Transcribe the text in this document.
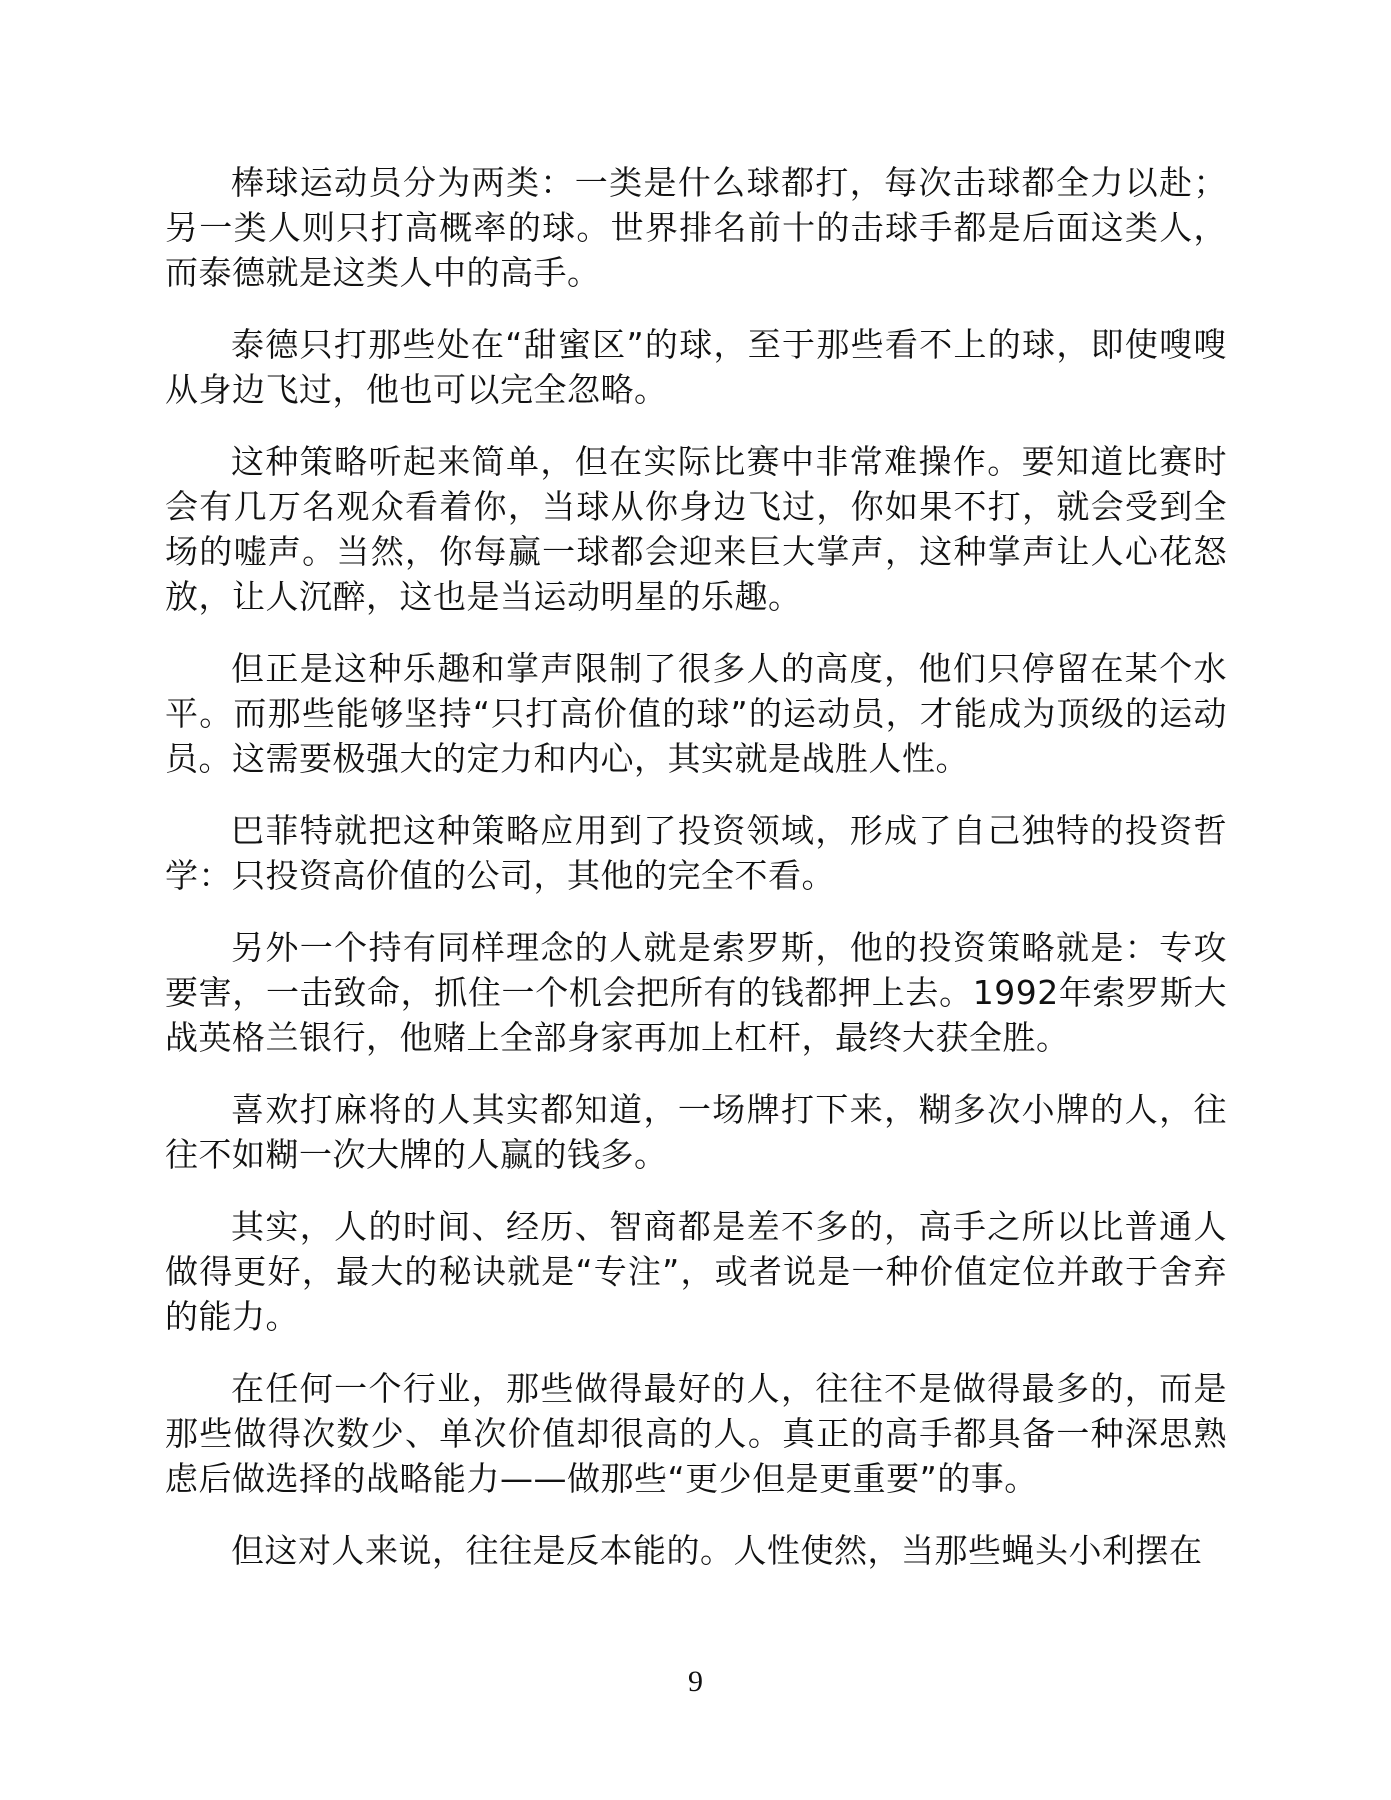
棒球运动员分为两类：一类是什么球都打，每次击球都全力以赴；另一类人则只打高概率的球。世界排名前十的击球手都是后面这类人，而泰德就是这类人中的高手。

泰德只打那些处在“甜蜜区”的球，至于那些看不上的球，即使嗖嗖从身边飞过，他也可以完全忽略。

这种策略听起来简单，但在实际比赛中非常难操作。要知道比赛时会有几万名观众看着你，当球从你身边飞过，你如果不打，就会受到全场的嘘声。当然，你每赢一球都会迎来巨大掌声，这种掌声让人心花怒放，让人沉醉，这也是当运动明星的乐趣。

但正是这种乐趣和掌声限制了很多人的高度，他们只停留在某个水平。而那些能够坚持“只打高价值的球”的运动员，才能成为顶级的运动员。这需要极强大的定力和内心，其实就是战胜人性。

巴菲特就把这种策略应用到了投资领域，形成了自己独特的投资哲学：只投资高价值的公司，其他的完全不看。

另外一个持有同样理念的人就是索罗斯，他的投资策略就是：专攻要害，一击致命，抓住一个机会把所有的钱都押上去。1992年索罗斯大战英格兰银行，他赌上全部身家再加上杠杆，最终大获全胜。

喜欢打麻将的人其实都知道，一场牌打下来，糊多次小牌的人，往往不如糊一次大牌的人赢的钱多。

其实，人的时间、经历、智商都是差不多的，高手之所以比普通人做得更好，最大的秘诀就是“专注”，或者说是一种价值定位并敢于舍弃的能力。

在任何一个行业，那些做得最好的人，往往不是做得最多的，而是那些做得次数少、单次价值却很高的人。真正的高手都具备一种深思熟虑后做选择的战略能力——做那些“更少但是更重要”的事。

但这对人来说，往往是反本能的。人性使然，当那些蝇头小利摆在

9
